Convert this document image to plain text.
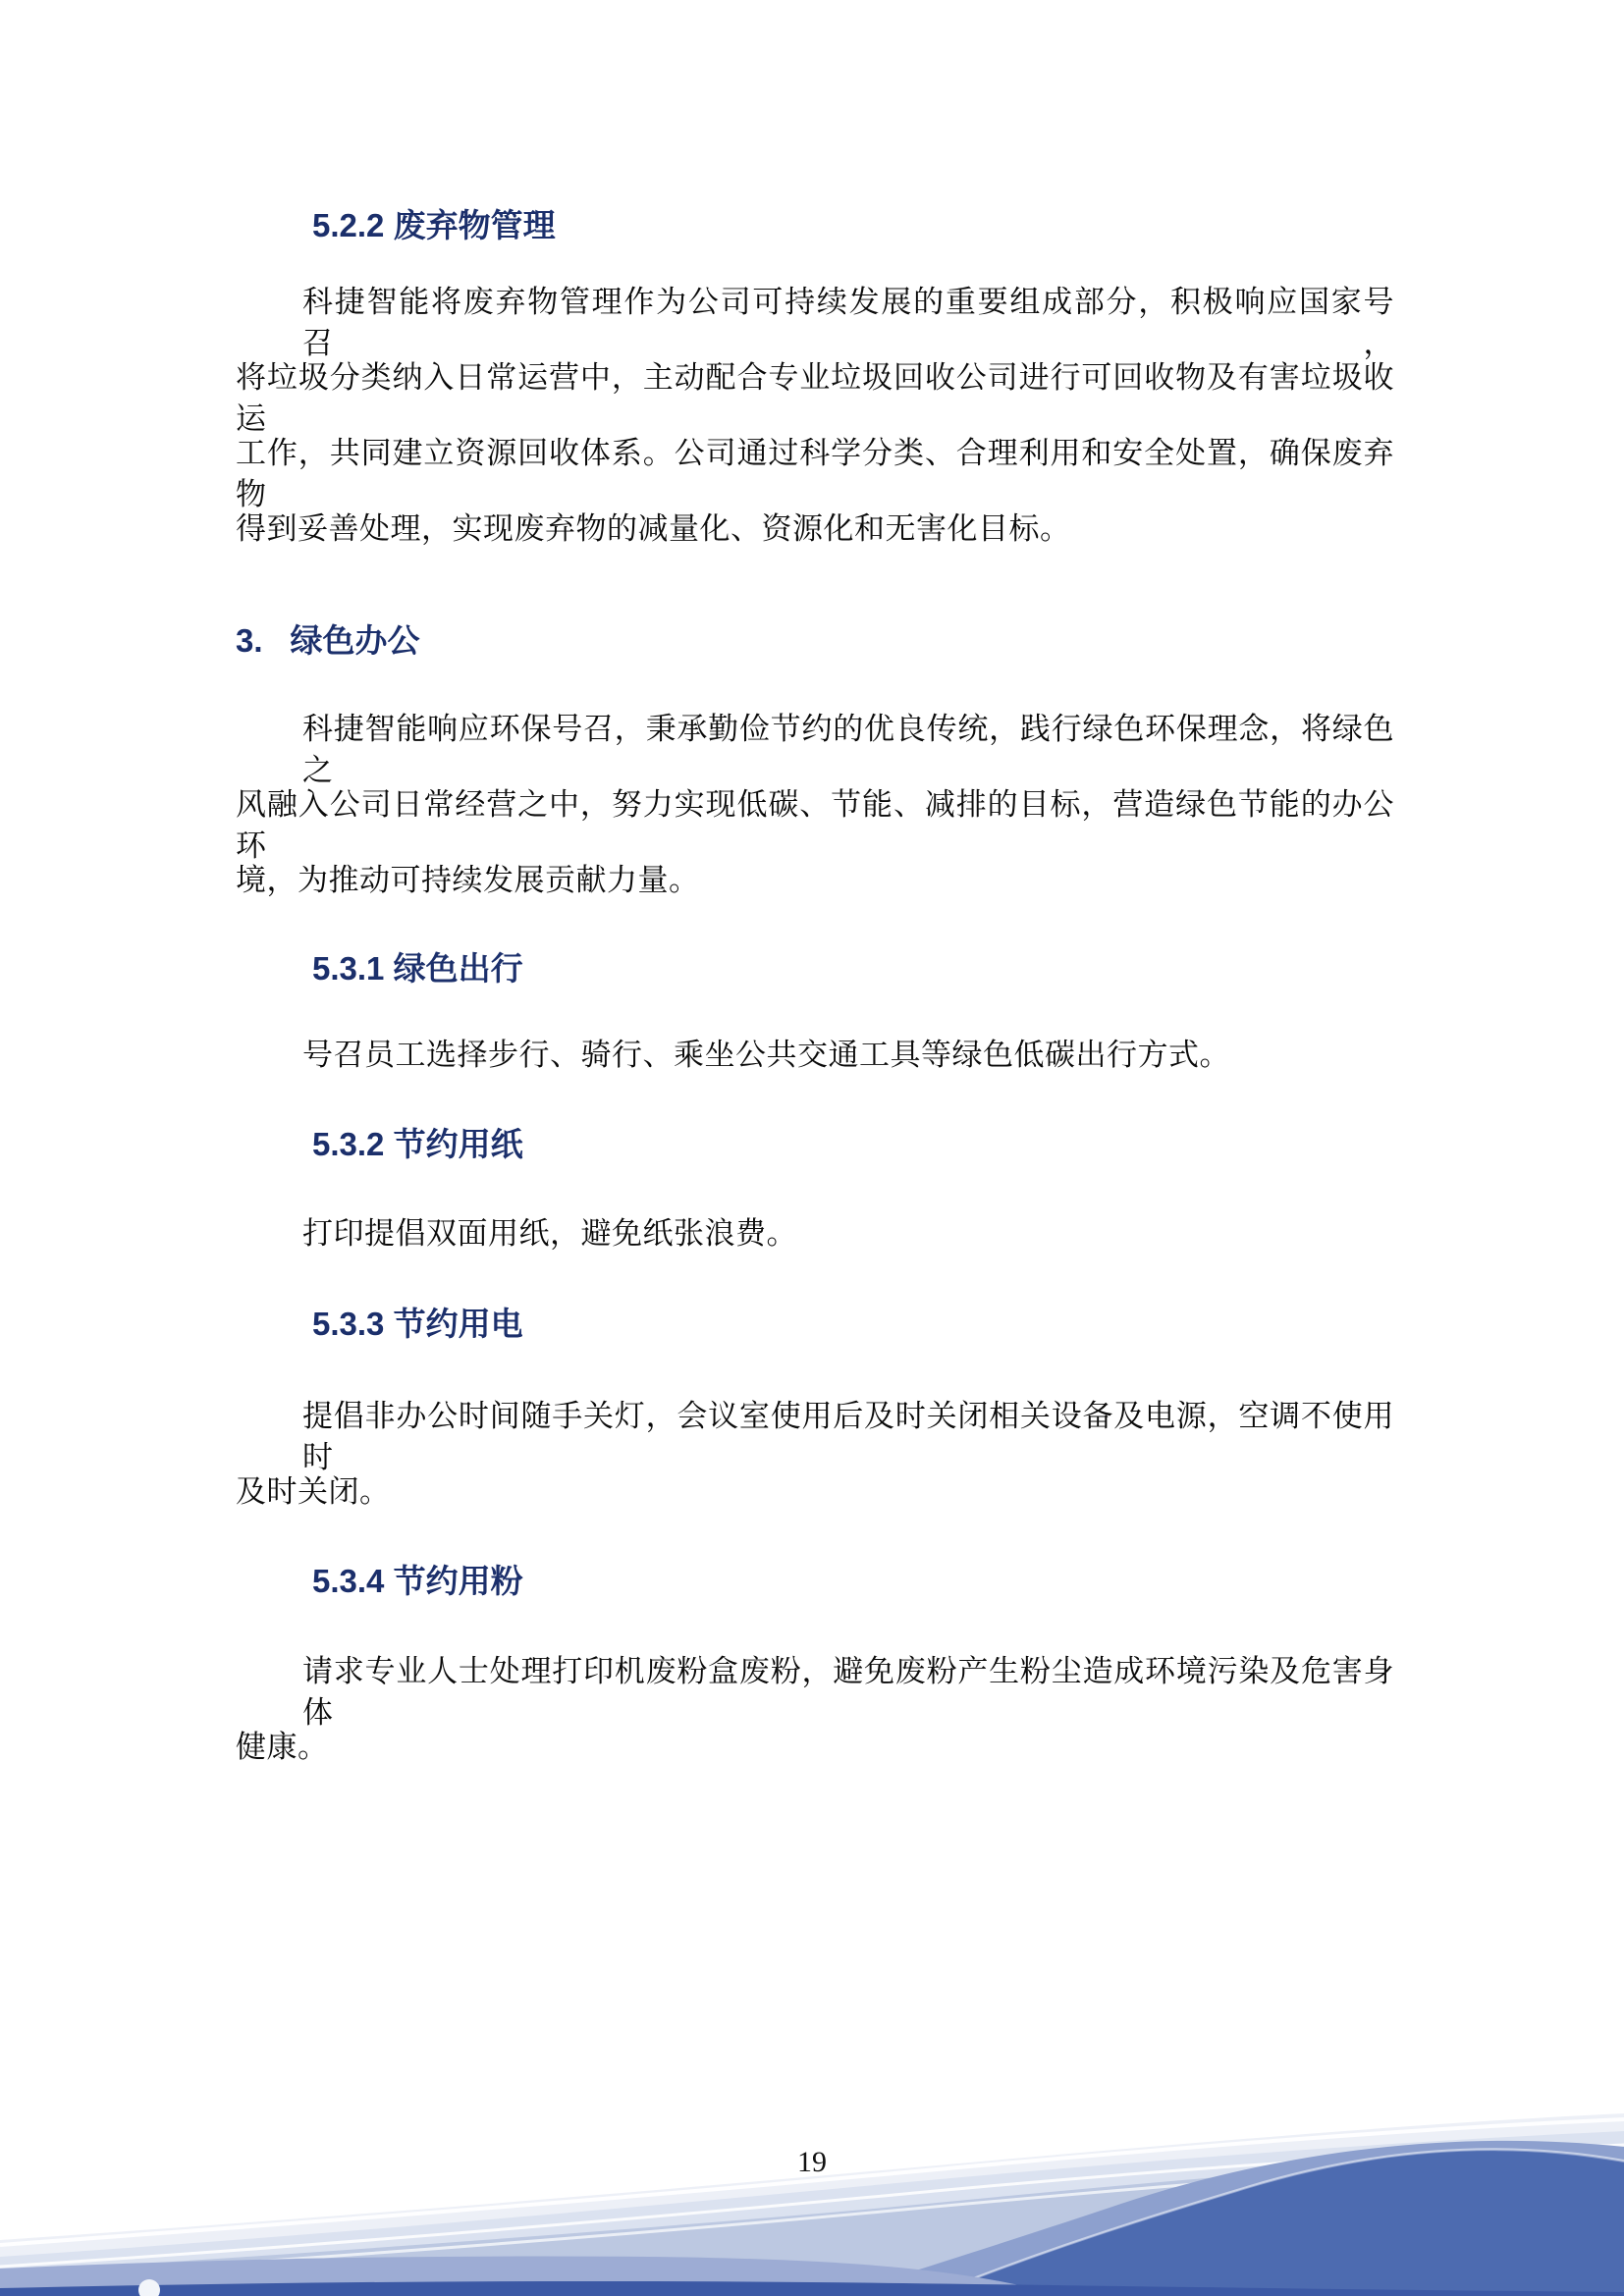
5.2.2 废弃物管理
科捷智能将废弃物管理作为公司可持续发展的重要组成部分，积极响应国家号召，
将垃圾分类纳入日常运营中，主动配合专业垃圾回收公司进行可回收物及有害垃圾收运
工作，共同建立资源回收体系。公司通过科学分类、合理利用和安全处置，确保废弃物
得到妥善处理，实现废弃物的减量化、资源化和无害化目标。
3. 绿色办公
科捷智能响应环保号召，秉承勤俭节约的优良传统，践行绿色环保理念，将绿色之
风融入公司日常经营之中，努力实现低碳、节能、减排的目标，营造绿色节能的办公环
境，为推动可持续发展贡献力量。
5.3.1 绿色出行
号召员工选择步行、骑行、乘坐公共交通工具等绿色低碳出行方式。
5.3.2 节约用纸
打印提倡双面用纸，避免纸张浪费。
5.3.3 节约用电
提倡非办公时间随手关灯，会议室使用后及时关闭相关设备及电源，空调不使用时
及时关闭。
5.3.4 节约用粉
请求专业人士处理打印机废粉盒废粉，避免废粉产生粉尘造成环境污染及危害身体
健康。
19
